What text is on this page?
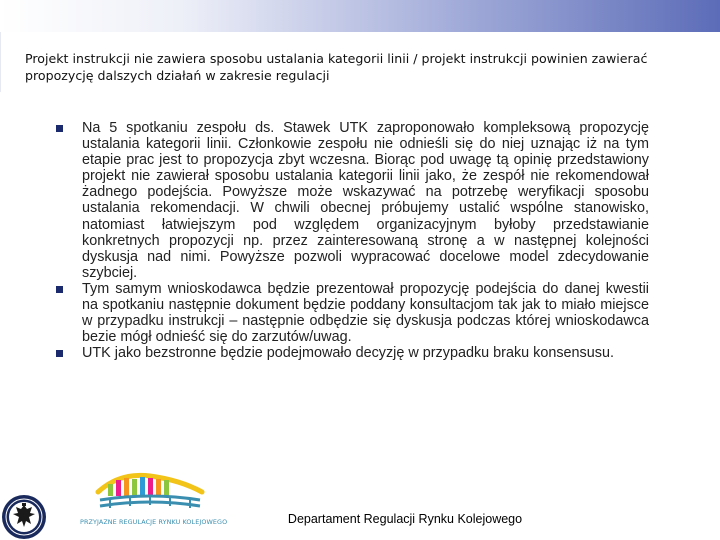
Projekt instrukcji nie zawiera sposobu ustalania kategorii linii / projekt instrukcji powinien zawierać propozycję dalszych działań w zakresie regulacji
Na 5 spotkaniu zespołu ds. Stawek UTK zaproponowało kompleksową propozycję ustalania kategorii linii. Członkowie zespołu nie odnieśli się do niej uznając iż na tym etapie prac jest to propozycja zbyt wczesna. Biorąc pod uwagę tą opinię przedstawiony projekt nie zawierał sposobu ustalania kategorii linii jako, że zespół nie rekomendował żadnego podejścia. Powyższe może wskazywać na potrzebę weryfikacji sposobu ustalania rekomendacji. W chwili obecnej próbujemy ustalić wspólne stanowisko, natomiast łatwiejszym pod względem organizacyjnym byłoby przedstawianie konkretnych propozycji np. przez zainteresowaną stronę a w następnej kolejności dyskusja nad nimi. Powyższe pozwoli wypracować docelowe model zdecydowanie szybciej.
Tym samym wnioskodawca będzie prezentował propozycję podejścia do danej kwestii na spotkaniu następnie dokument będzie poddany konsultacjom tak jak to miało miejsce w przypadku instrukcji – następnie odbędzie się dyskusja podczas której wnioskodawca bezie mógł odnieść się do zarzutów/uwag.
UTK jako bezstronne będzie podejmowało decyzję w przypadku braku konsensusu.
PRZYJAZNE REGULACJE RYNKU KOLEJOWEGO	Departament Regulacji Rynku Kolejowego
